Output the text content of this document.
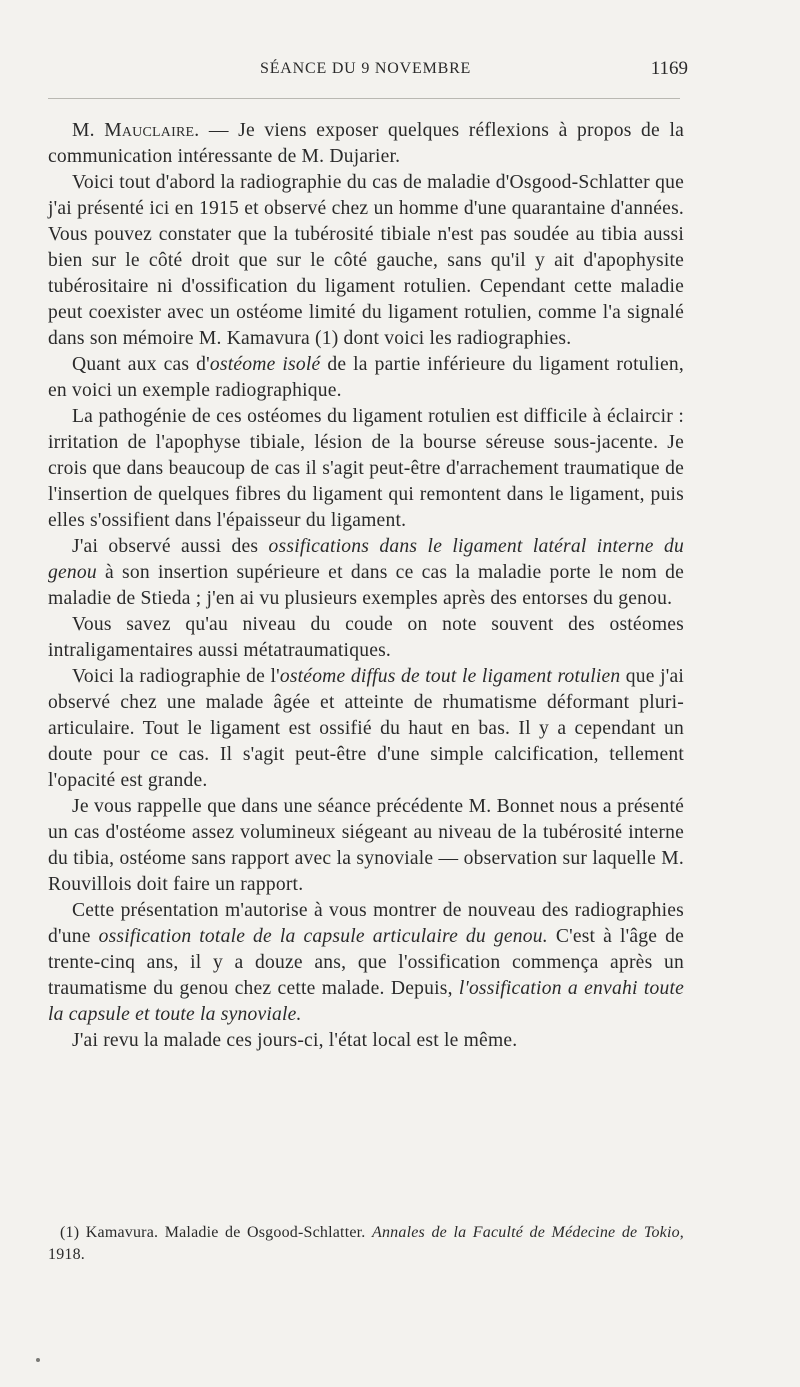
SÉANCE DU 9 NOVEMBRE	1169

M. Mauclaire. — Je viens exposer quelques réflexions à propos de la communication intéressante de M. Dujarier.

Voici tout d'abord la radiographie du cas de maladie d'Osgood-Schlatter que j'ai présenté ici en 1915 et observé chez un homme d'une quarantaine d'années. Vous pouvez constater que la tubérosité tibiale n'est pas soudée au tibia aussi bien sur le côté droit que sur le côté gauche, sans qu'il y ait d'apophysite tubérositaire ni d'ossification du ligament rotulien. Cependant cette maladie peut coexister avec un ostéome limité du ligament rotulien, comme l'a signalé dans son mémoire M. Kamavura (1) dont voici les radiographies.

Quant aux cas d'ostéome isolé de la partie inférieure du ligament rotulien, en voici un exemple radiographique.

La pathogénie de ces ostéomes du ligament rotulien est difficile à éclaircir : irritation de l'apophyse tibiale, lésion de la bourse séreuse sous-jacente. Je crois que dans beaucoup de cas il s'agit peut-être d'arrachement traumatique de l'insertion de quelques fibres du ligament qui remontent dans le ligament, puis elles s'ossifient dans l'épaisseur du ligament.

J'ai observé aussi des ossifications dans le ligament latéral interne du genou à son insertion supérieure et dans ce cas la maladie porte le nom de maladie de Stieda ; j'en ai vu plusieurs exemples après des entorses du genou.

Vous savez qu'au niveau du coude on note souvent des ostéomes intraligamentaires aussi métatraumatiques.

Voici la radiographie de l'ostéome diffus de tout le ligament rotulien que j'ai observé chez une malade âgée et atteinte de rhumatisme déformant pluri-articulaire. Tout le ligament est ossifié du haut en bas. Il y a cependant un doute pour ce cas. Il s'agit peut-être d'une simple calcification, tellement l'opacité est grande.

Je vous rappelle que dans une séance précédente M. Bonnet nous a présenté un cas d'ostéome assez volumineux siégeant au niveau de la tubérosité interne du tibia, ostéome sans rapport avec la synoviale — observation sur laquelle M. Rouvillois doit faire un rapport.

Cette présentation m'autorise à vous montrer de nouveau des radiographies d'une ossification totale de la capsule articulaire du genou. C'est à l'âge de trente-cinq ans, il y a douze ans, que l'ossification commença après un traumatisme du genou chez cette malade. Depuis, l'ossification a envahi toute la capsule et toute la synoviale.

J'ai revu la malade ces jours-ci, l'état local est le même.

(1) Kamavura. Maladie de Osgood-Schlatter. Annales de la Faculté de Médecine de Tokio, 1918.
